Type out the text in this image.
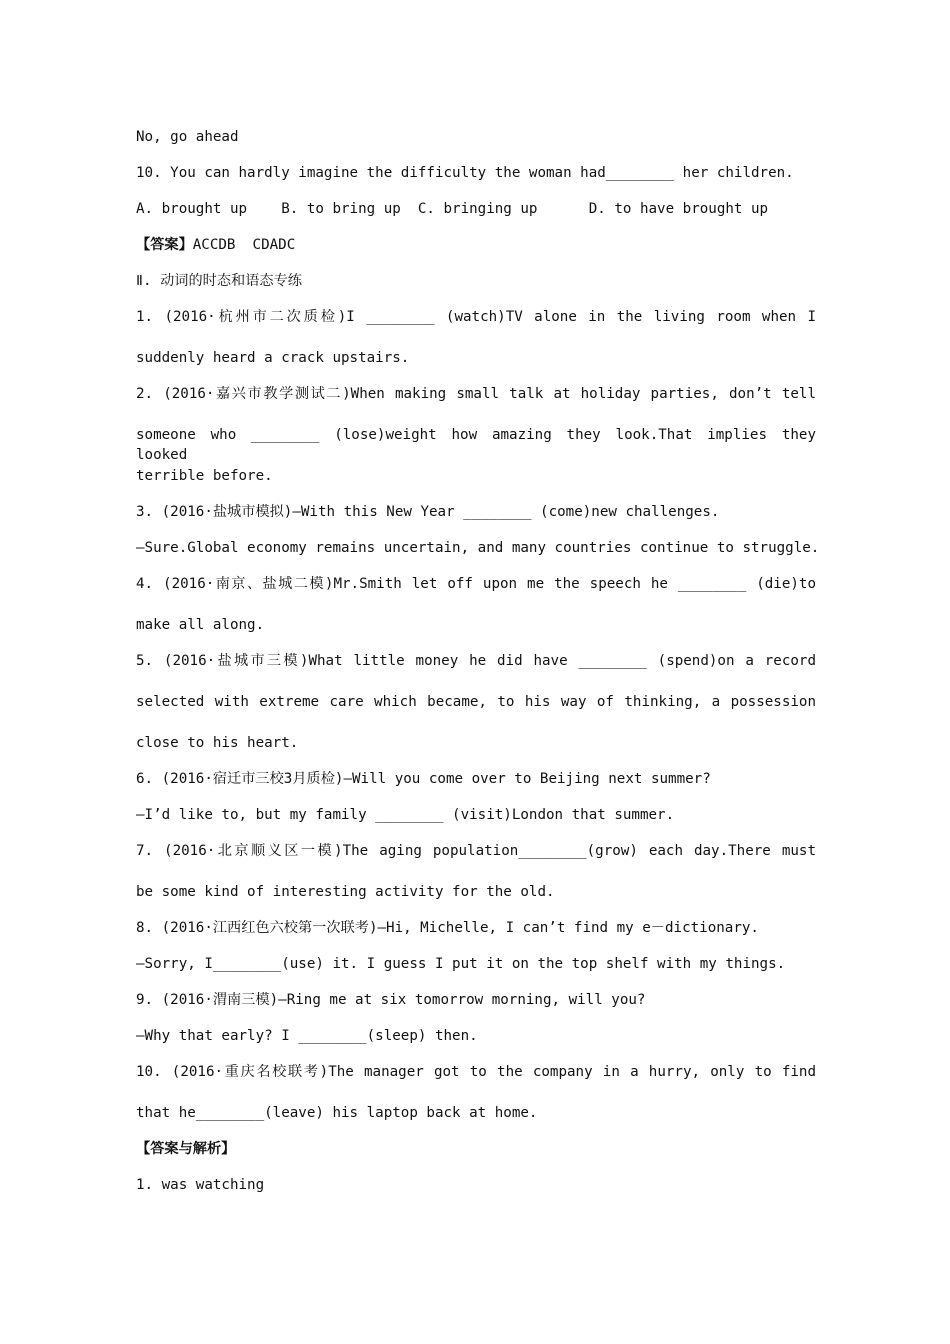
No, go ahead
10. You can hardly imagine the difficulty the woman had________ her children.
A. brought up    B. to bring up  C. bringing up      D. to have brought up
【答案】ACCDB  CDADC
Ⅱ. 动词的时态和语态专练
1. (2016·杭州市二次质检)I ________ (watch)TV alone in the living room when I
suddenly heard a crack upstairs.
2. (2016·嘉兴市教学测试二)When making small talk at holiday parties, don’t tell
someone who ________ (lose)weight how amazing they look.That implies they looked
terrible before.
3. (2016·盐城市模拟)—With this New Year ________ (come)new challenges.
—Sure.Global economy remains uncertain, and many countries continue to struggle.
4. (2016·南京、盐城二模)Mr.Smith let off upon me the speech he ________ (die)to
make all along.
5. (2016·盐城市三模)What little money he did have ________ (spend)on a record
selected with extreme care which became, to his way of thinking, a possession
close to his heart.
6. (2016·宿迁市三校3月质检)—Will you come over to Beijing next summer?
—I’d like to, but my family ________ (visit)London that summer.
7. (2016·北京顺义区一模)The aging population________(grow) each day.There must
be some kind of interesting activity for the old.
8. (2016·江西红色六校第一次联考)—Hi, Michelle, I can’t find my e－dictionary.
—Sorry, I________(use) it. I guess I put it on the top shelf with my things.
9. (2016·渭南三模)—Ring me at six tomorrow morning, will you?
—Why that early? I ________(sleep) then.
10. (2016·重庆名校联考)The manager got to the company in a hurry, only to find
that he________(leave) his laptop back at home.
【答案与解析】
1. was watching
